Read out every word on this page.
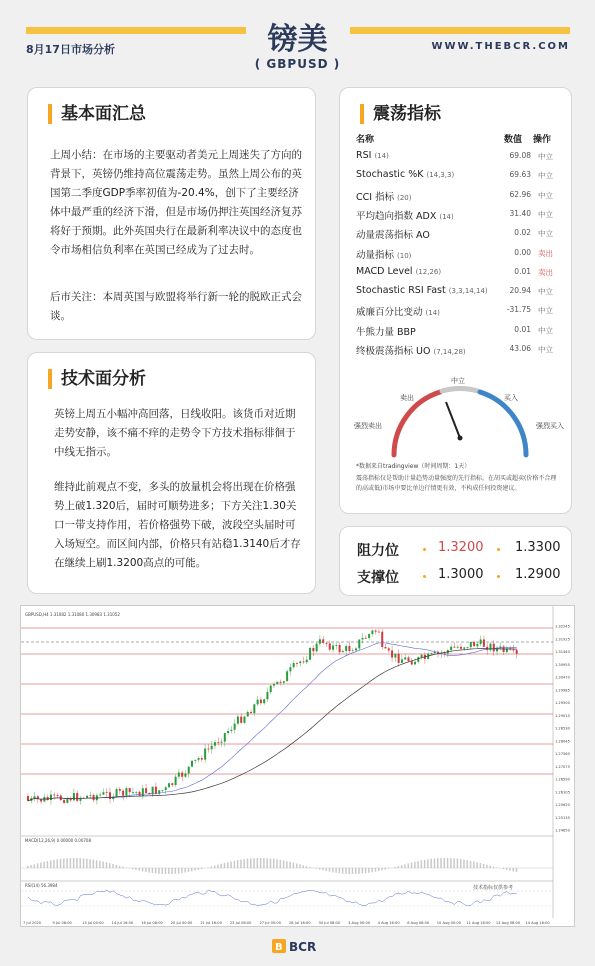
8月17日市场分析	镑美
( GBPUSD )
WWW.THEBCR.COM
基本面汇总
上周小结：在市场的主要驱动者美元上周迷失了方向的背景下，英镑仍维持高位震荡走势。虽然上周公布的英国第二季度GDP季率初值为-20.4%，创下了主要经济体中最严重的经济下滑，但是市场仍押注英国经济复苏将好于预期。此外英国央行在最新利率决议中的态度也令市场相信负利率在英国已经成为了过去时。
后市关注：本周英国与欧盟将举行新一轮的脱欧正式会谈。
技术面分析
英镑上周五小幅冲高回落，日线收阳。该货币对近期走势安静，该不痛不痒的走势令下方技术指标徘徊于中线无指示。
维持此前观点不变，多头的放量机会将出现在价格强势上破1.320后，届时可顺势进多；下方关注1.30关口一带支持作用，若价格强势下破，波段空头届时可入场短空。而区间内部，价格只有站稳1.3140后才存在继续上刷1.3200高点的可能。
震荡指标
名称	数值 操作
RSI (14)	69.08 中立
Stochastic %K (14,3,3)	69.63 中立
CCI 指标 (20)	62.96 中立
平均趋向指数 ADX (14)	31.40 中立
动量震荡指标 AO	0.02 中立
动量指标 (10)	0.00 卖出
MACD Level (12,26)	0.01 卖出
Stochastic RSI Fast (3,3,14,14)	20.94 中立
威廉百分比变动 (14)	-31.75 中立
牛熊力量 BBP	0.01 中立
终极震荡指标 UO (7,14,28)	43.06 中立
强烈卖出
卖出
中立
买入
强烈买入
*数据来自tradingview（时间周期：1天）
震荡指标仅是帮助计量趋势动量强度的先行指标。在胡买或超卖(价格不合理的高或低)市场中要比单边行情更有效，不构成任何投资建议。
阻力位	1.3200 1.3300
支撑位	1.3000 1.2900
GBPUSD,H4 1.31082 1.31080 1.30983 1.31052
MACD(12,26,9) 0.00000 0.00708
RSI(14) 56.3984	技术指标仅供参考
1.32245
1.31925
1.31440
1.30955
1.30470
1.29985
1.29500
1.29015
1.28530
1.28045
1.27560
1.27075
1.26590
1.26105
1.25620
1.25135
1.24650
7 Jul 2020	9 Jul 08:00	13 Jul 00:00 14 Jul 16:00 16 Jul 08:00 20 Jul 00:00 21 Jul 16:00 23 Jul 08:00 27 Jul 00:00 28 Jul 16:00 30 Jul 08:00 3 Aug 00:00 4 Aug 16:00 6 Aug 08:00 10 Aug 00:00 11 Aug 16:00 13 Aug 08:00 14 Aug 16:00
B BCR
